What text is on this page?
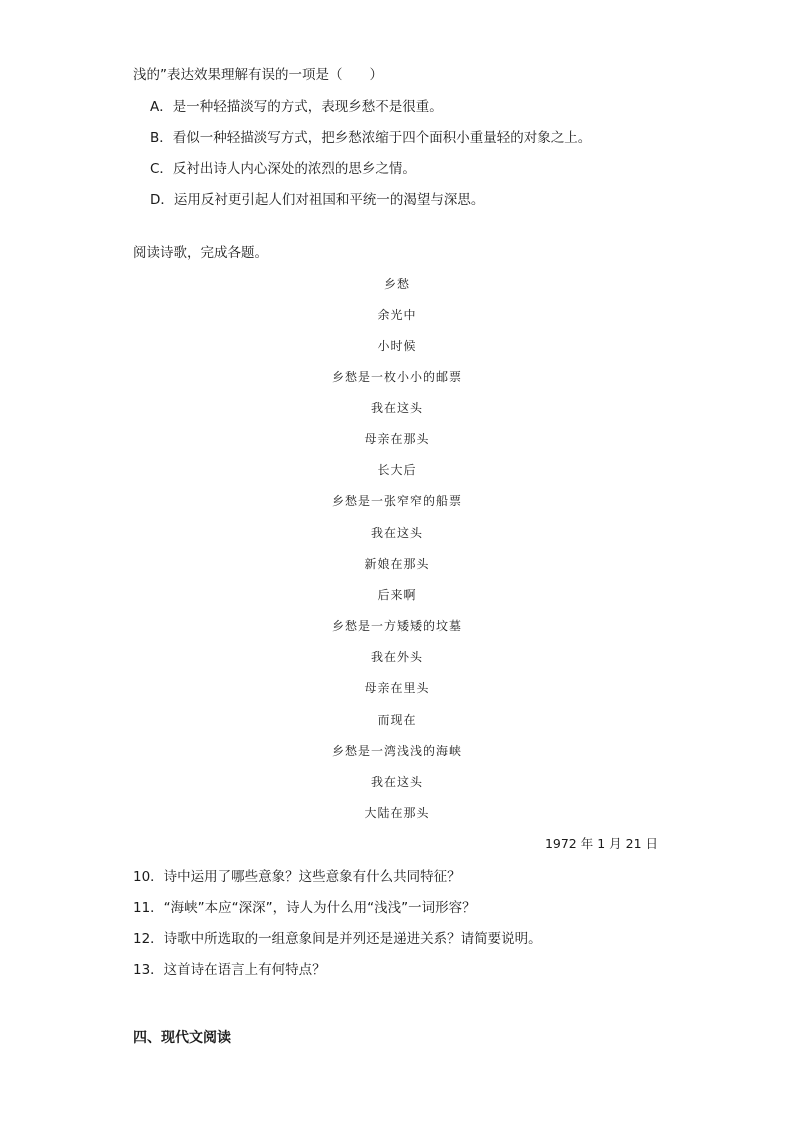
浅的”表达效果理解有误的一项是（　　）
A．是一种轻描淡写的方式，表现乡愁不是很重。
B．看似一种轻描淡写方式，把乡愁浓缩于四个面积小重量轻的对象之上。
C．反衬出诗人内心深处的浓烈的思乡之情。
D．运用反衬更引起人们对祖国和平统一的渴望与深思。
阅读诗歌，完成各题。
乡愁
余光中
小时候
乡愁是一枚小小的邮票
我在这头
母亲在那头
长大后
乡愁是一张窄窄的船票
我在这头
新娘在那头
后来啊
乡愁是一方矮矮的坟墓
我在外头
母亲在里头
而现在
乡愁是一湾浅浅的海峡
我在这头
大陆在那头
1972 年 1 月 21 日
10．诗中运用了哪些意象？这些意象有什么共同特征？
11．“海峡”本应“深深”，诗人为什么用“浅浅”一词形容？
12．诗歌中所选取的一组意象间是并列还是递进关系？请简要说明。
13．这首诗在语言上有何特点？
四、现代文阅读
